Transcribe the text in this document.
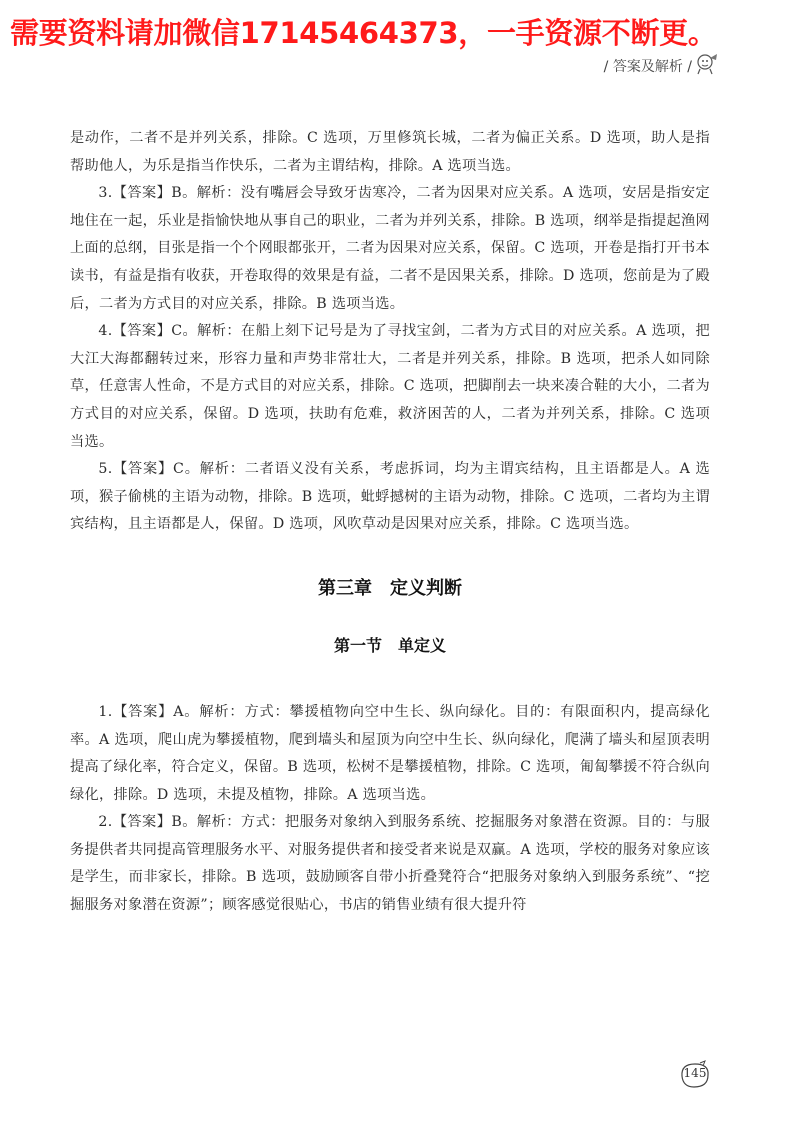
需要资料请加微信17145464373，一手资源不断更。

/ 答案及解析 /

是动作，二者不是并列关系，排除。C 选项，万里修筑长城，二者为偏正关系。D 选项，助人是指帮助他人，为乐是指当作快乐，二者为主谓结构，排除。A 选项当选。

3.【答案】B。解析：没有嘴唇会导致牙齿寒冷，二者为因果对应关系。A 选项，安居是指安定地住在一起，乐业是指愉快地从事自己的职业，二者为并列关系，排除。B 选项，纲举是指提起渔网上面的总纲，目张是指一个个网眼都张开，二者为因果对应关系，保留。C 选项，开卷是指打开书本读书，有益是指有收获，开卷取得的效果是有益，二者不是因果关系，排除。D 选项，您前是为了殿后，二者为方式目的对应关系，排除。B 选项当选。

4.【答案】C。解析：在船上刻下记号是为了寻找宝剑，二者为方式目的对应关系。A 选项，把大江大海都翻转过来，形容力量和声势非常壮大，二者是并列关系，排除。B 选项，把杀人如同除草，任意害人性命，不是方式目的对应关系，排除。C 选项，把脚削去一块来凑合鞋的大小，二者为方式目的对应关系，保留。D 选项，扶助有危难，救济困苦的人，二者为并列关系，排除。C 选项当选。

5.【答案】C。解析：二者语义没有关系，考虑拆词，均为主谓宾结构，且主语都是人。A 选项，猴子偷桃的主语为动物，排除。B 选项，蚍蜉撼树的主语为动物，排除。C 选项，二者均为主谓宾结构，且主语都是人，保留。D 选项，风吹草动是因果对应关系，排除。C 选项当选。

第三章　定义判断
第一节　单定义

1.【答案】A。解析：方式：攀援植物向空中生长、纵向绿化。目的：有限面积内，提高绿化率。A 选项，爬山虎为攀援植物，爬到墙头和屋顶为向空中生长、纵向绿化，爬满了墙头和屋顶表明提高了绿化率，符合定义，保留。B 选项，松树不是攀援植物，排除。C 选项，匍匐攀援不符合纵向绿化，排除。D 选项，未提及植物，排除。A 选项当选。

2.【答案】B。解析：方式：把服务对象纳入到服务系统、挖掘服务对象潜在资源。目的：与服务提供者共同提高管理服务水平、对服务提供者和接受者来说是双赢。A 选项，学校的服务对象应该是学生，而非家长，排除。B 选项，鼓励顾客自带小折叠凳符合“把服务对象纳入到服务系统”、“挖掘服务对象潜在资源”；顾客感觉很贴心，书店的销售业绩有很大提升符

145
